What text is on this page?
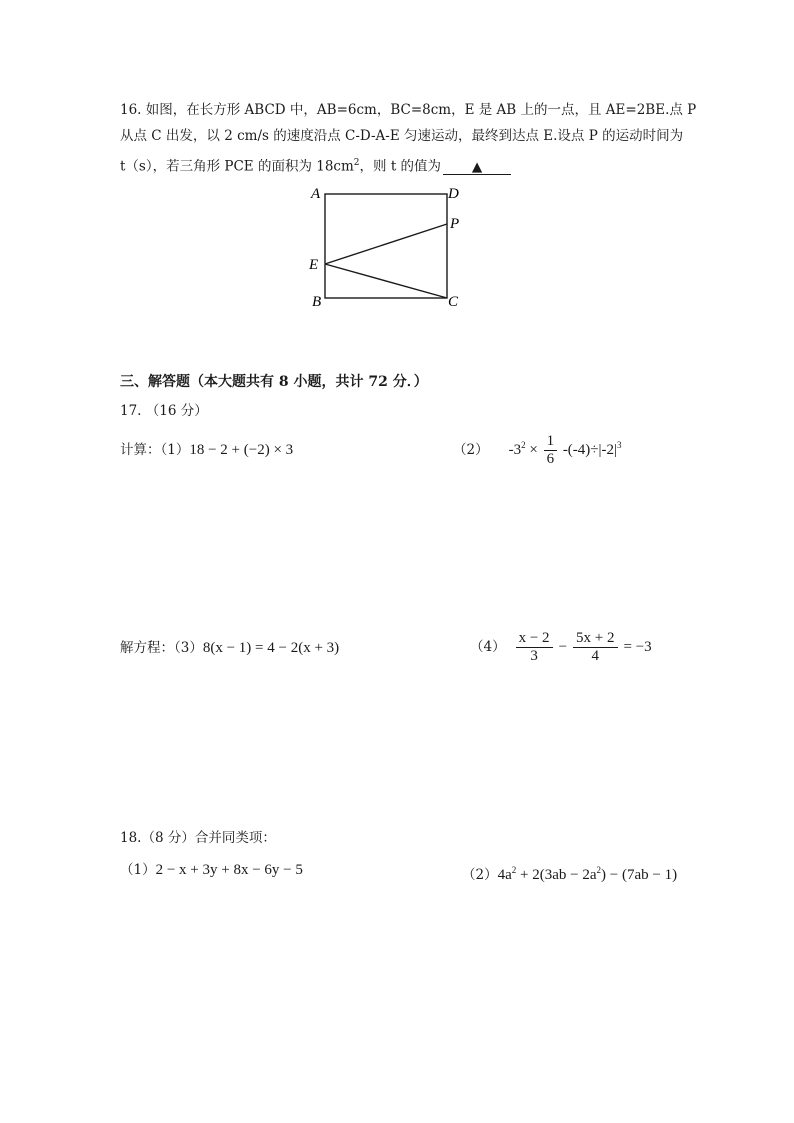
16. 如图，在长方形 ABCD 中，AB=6cm，BC=8cm，E 是 AB 上的一点，且 AE=2BE.点 P
从点 C 出发，以 2 cm/s 的速度沿点 C-D-A-E 匀速运动，最终到达点 E.设点 P 的运动时间为
t（s），若三角形 PCE 的面积为 $18cm^2$，则 t 的值为 ▲
A	D
P
E
B	C
三、解答题（本大题共有 8 小题，共计 72 分．）
17. （16 分）
计算：（1）18 − 2 + (−2) × 3	（2） $-3^2 \times \frac{1}{6} -(-4)\div|-2|^3$
解方程：（3）8(x − 1) = 4 − 2(x + 3)	$(4) \frac{x - 2}{3} - \frac{5x + 2}{4} = -3$
18.（8 分）合并同类项：
（1）2 − x + 3y + 8x − 6y − 5	$(2)4a^2 + 2(3ab - 2a^2) - (7ab - 1)$
